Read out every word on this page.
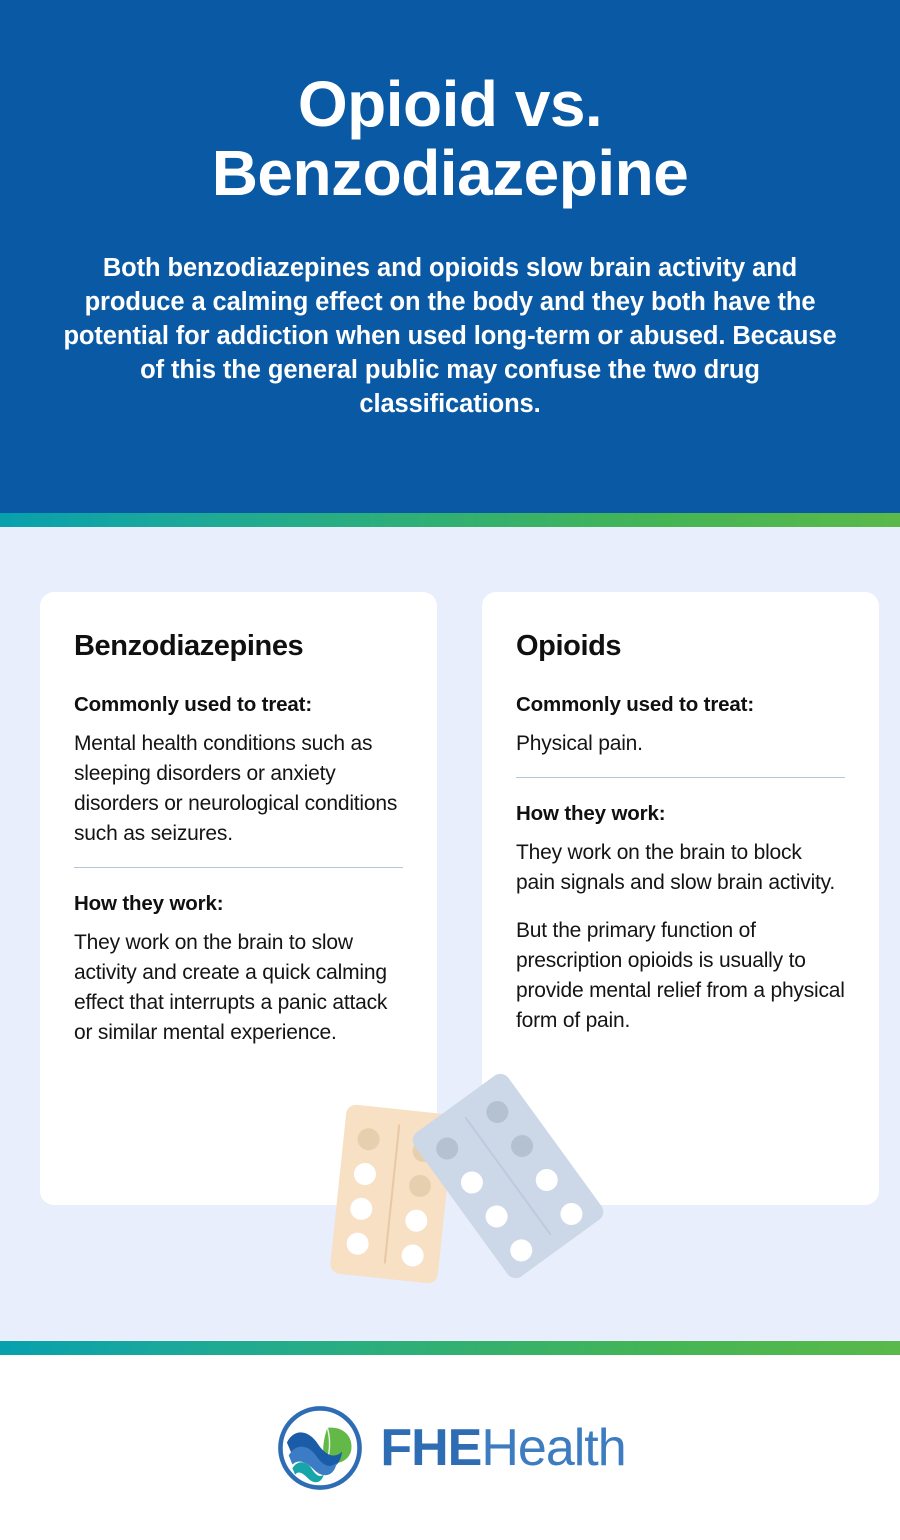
Opioid vs.
Benzodiazepine
Both benzodiazepines and opioids slow brain activity and produce a calming effect on the body and they both have the potential for addiction when used long-term or abused. Because of this the general public may confuse the two drug classifications.
Benzodiazepines
Commonly used to treat:
Mental health conditions such as sleeping disorders or anxiety disorders or neurological conditions such as seizures.
How they work:
They work on the brain to slow activity and create a quick calming effect that interrupts a panic attack or similar mental experience.
Opioids
Commonly used to treat:
Physical pain.
How they work:
They work on the brain to block pain signals and slow brain activity.
But the primary function of prescription opioids is usually to provide mental relief from a physical form of pain.
FHEHealth
